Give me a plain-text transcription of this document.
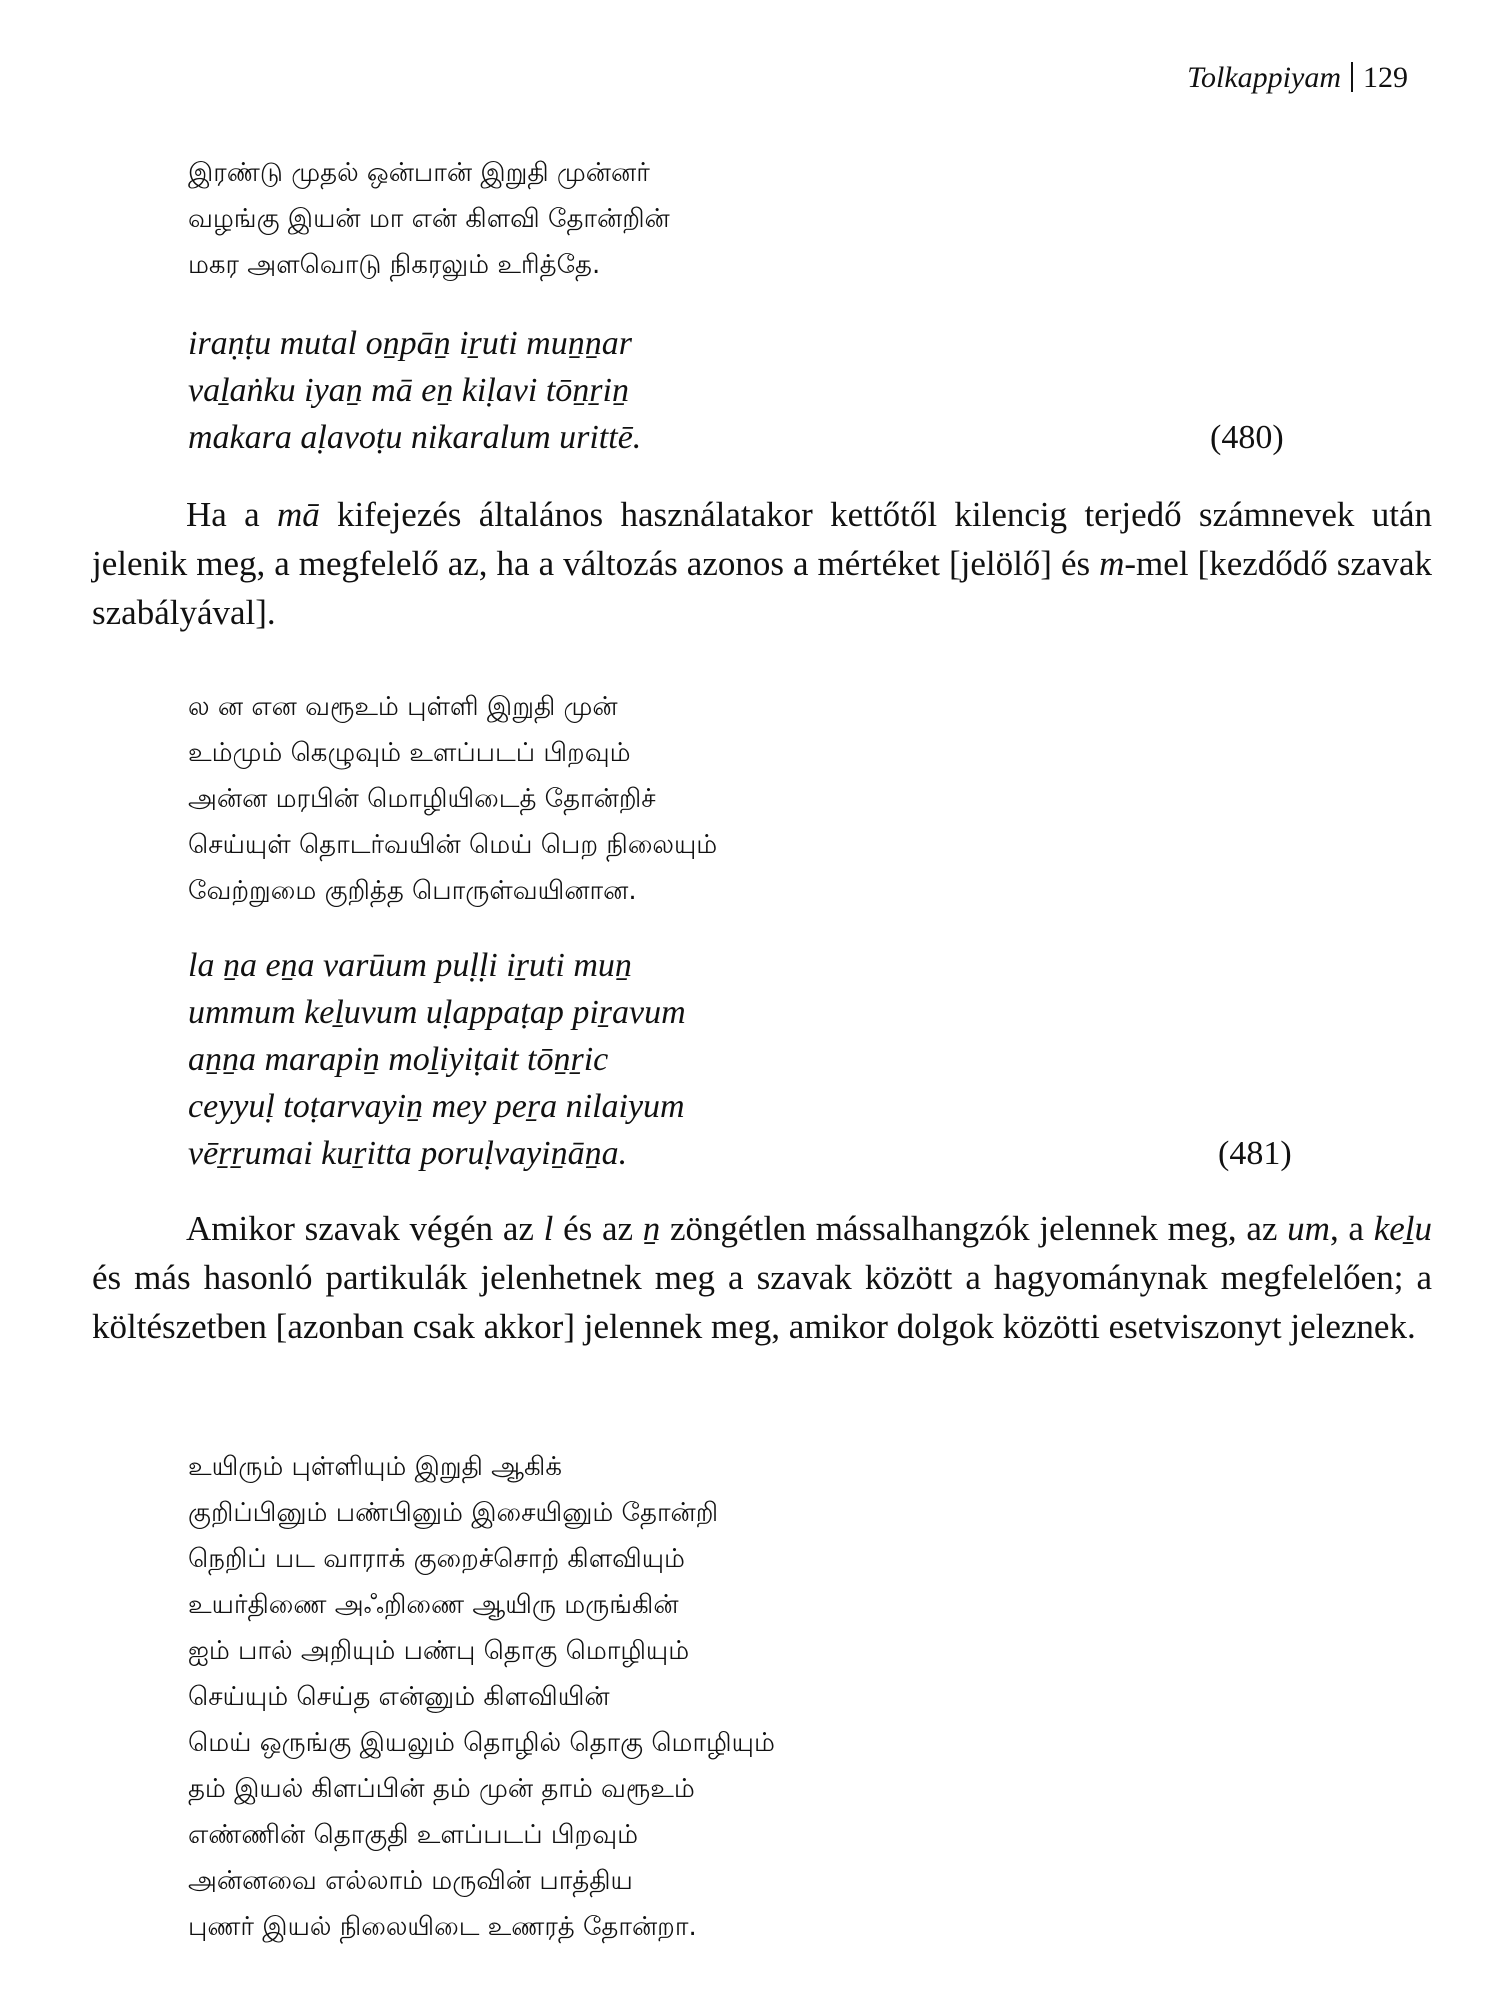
Tolkappiyam 129
இரண்டு முதல் ஒன்பான் இறுதி முன்னர்
வழங்கு இயன் மா என் கிளவி தோன்றின்
மகர அளவொடு நிகரலும் உரித்தே.
iraṇṭu mutal oṉpāṉ iṟuti muṉṉar
vaḻaṅku iyaṉ mā eṉ kiḷavi tōṉṟiṉ
makara aḷavoṭu nikaralum urittē.	(480)
Ha a mā kifejezés általános használatakor kettőtől kilencig terjedő számnevek után jelenik meg, a megfelelő az, ha a változás azonos a mértéket [jelölő] és m-mel [kezdődő szavak szabályával].
ல ன என வரூஉம் புள்ளி இறுதி முன்
உம்மும் கெழுவும் உளப்படப் பிறவும்
அன்ன மரபின் மொழியிடைத் தோன்றிச்
செய்யுள் தொடர்வயின் மெய் பெற நிலையும்
வேற்றுமை குறித்த பொருள்வயினான.
la ṉa eṉa varūum puḷḷi iṟuti muṉ
ummum keḻuvum uḷappaṭap piṟavum
aṉṉa marapiṉ moḻiyiṭait tōṉṟic
ceyyuḷ toṭarvayiṉ mey peṟa nilaiyum
vēṟṟumai kuṟitta poruḷvayiṉāṉa.	(481)
Amikor szavak végén az l és az ṉ zöngétlen mássalhangzók jelennek meg, az um, a keḻu és más hasonló partikulák jelenhetnek meg a szavak között a hagyománynak megfelelően; a költészetben [azonban csak akkor] jelennek meg, amikor dolgok közötti esetviszonyt jeleznek.
உயிரும் புள்ளியும் இறுதி ஆகிக்
குறிப்பினும் பண்பினும் இசையினும் தோன்றி
நெறிப் பட வாராக் குறைச்சொற் கிளவியும்
உயர்திணை அஃறிணை ஆயிரு மருங்கின்
ஐம் பால் அறியும் பண்பு தொகு மொழியும்
செய்யும் செய்த என்னும் கிளவியின்
மெய் ஒருங்கு இயலும் தொழில் தொகு மொழியும்
தம் இயல் கிளப்பின் தம் முன் தாம் வரூஉம்
எண்ணின் தொகுதி உளப்படப் பிறவும்
அன்னவை எல்லாம் மருவின் பாத்திய
புணர் இயல் நிலையிடை உணரத் தோன்றா.
